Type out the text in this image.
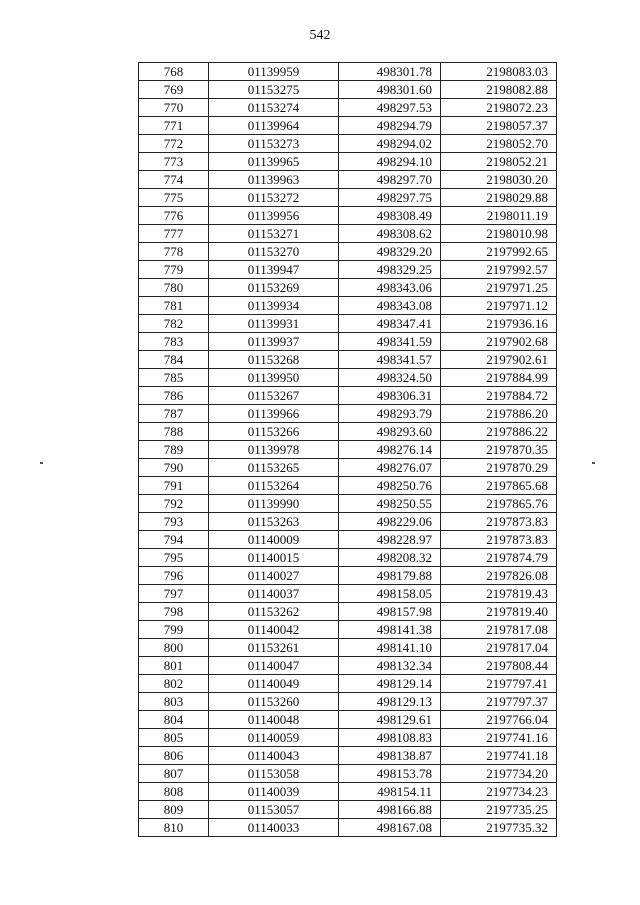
542
768	01139959	498301.78	2198083.03
769	01153275	498301.60	2198082.88
770	01153274	498297.53	2198072.23
771	01139964	498294.79	2198057.37
772	01153273	498294.02	2198052.70
773	01139965	498294.10	2198052.21
774	01139963	498297.70	2198030.20
775	01153272	498297.75	2198029.88
776	01139956	498308.49	2198011.19
777	01153271	498308.62	2198010.98
778	01153270	498329.20	2197992.65
779	01139947	498329.25	2197992.57
780	01153269	498343.06	2197971.25
781	01139934	498343.08	2197971.12
782	01139931	498347.41	2197936.16
783	01139937	498341.59	2197902.68
784	01153268	498341.57	2197902.61
785	01139950	498324.50	2197884.99
786	01153267	498306.31	2197884.72
787	01139966	498293.79	2197886.20
788	01153266	498293.60	2197886.22
789	01139978	498276.14	2197870.35
790	01153265	498276.07	2197870.29
791	01153264	498250.76	2197865.68
792	01139990	498250.55	2197865.76
793	01153263	498229.06	2197873.83
794	01140009	498228.97	2197873.83
795	01140015	498208.32	2197874.79
796	01140027	498179.88	2197826.08
797	01140037	498158.05	2197819.43
798	01153262	498157.98	2197819.40
799	01140042	498141.38	2197817.08
800	01153261	498141.10	2197817.04
801	01140047	498132.34	2197808.44
802	01140049	498129.14	2197797.41
803	01153260	498129.13	2197797.37
804	01140048	498129.61	2197766.04
805	01140059	498108.83	2197741.16
806	01140043	498138.87	2197741.18
807	01153058	498153.78	2197734.20
808	01140039	498154.11	2197734.23
809	01153057	498166.88	2197735.25
810	01140033	498167.08	2197735.32
